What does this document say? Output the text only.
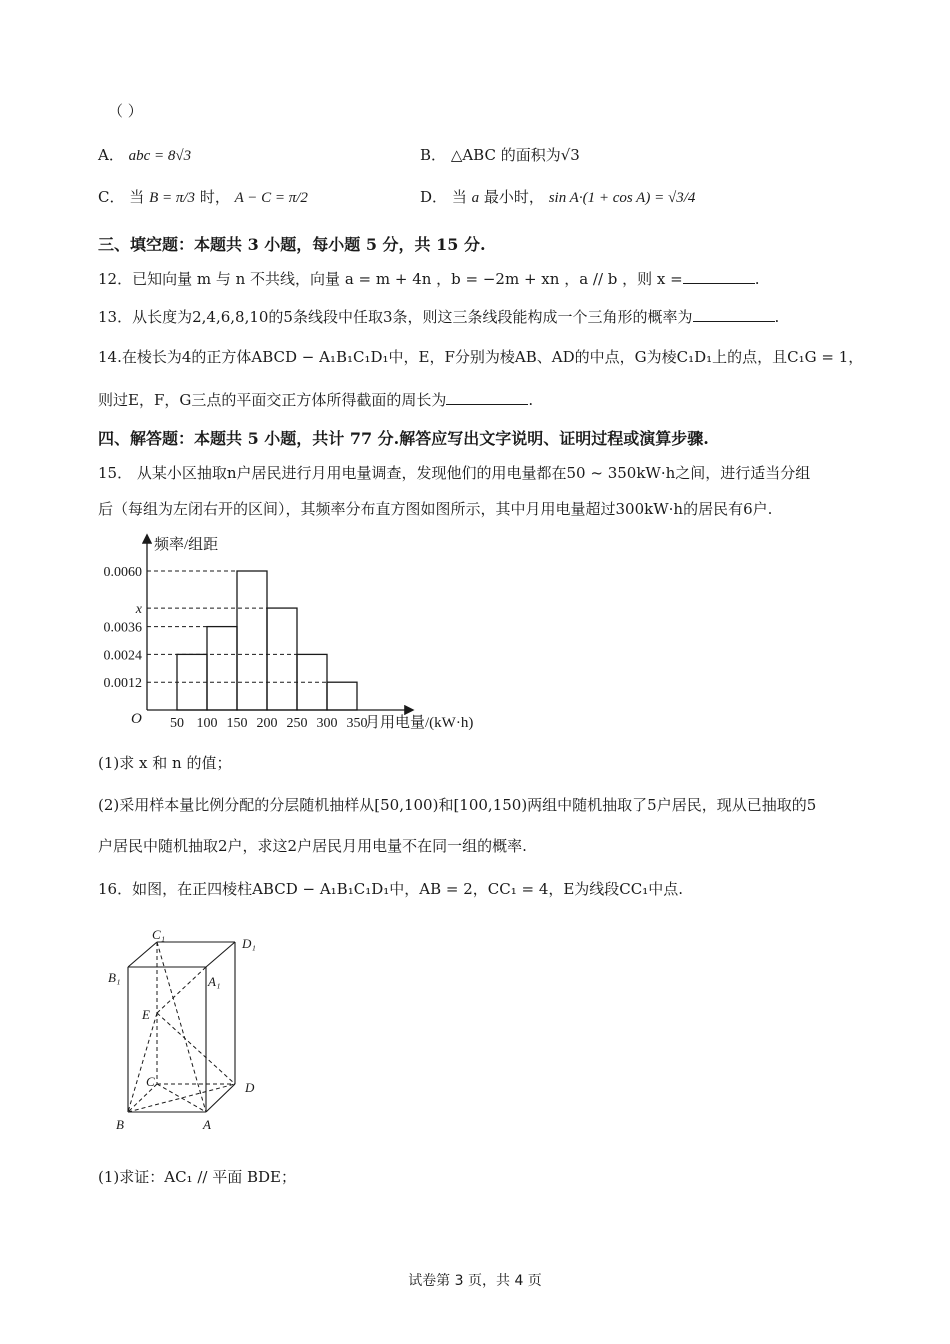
（ ）
A． abc = 8√3	B． △ABC 的面积为√3
C． 当 B = π/3 时， A − C = π/2	D． 当 a 最小时， sin A·(1 + cos A) = √3/4
三、填空题：本题共 3 小题，每小题 5 分，共 15 分.
12．已知向量 m 与 n 不共线，向量 a = m + 4n ，b = −2m + xn ，a // b ，则 x =	.
13．从长度为2,4,6,8,10的5条线段中任取3条，则这三条线段能构成一个三角形的概率为	.
14.在棱长为4的正方体ABCD − A₁B₁C₁D₁中，E，F分别为棱AB、AD的中点，G为棱C₁D₁上的点，且C₁G = 1，
则过E，F，G三点的平面交正方体所得截面的周长为	.
四、解答题：本题共 5 小题，共计 77 分.解答应写出文字说明、证明过程或演算步骤.
15． 从某小区抽取n户居民进行月用电量调查，发现他们的用电量都在50 ~ 350kW·h之间，进行适当分组
后（每组为左闭右开的区间），其频率分布直方图如图所示，其中月用电量超过300kW·h的居民有6户.
频率/组距
月用电量/(kW·h)
O
0.0012
0.0024
0.0036
x
0.0060
50 100 150 200 250 300 350
(1)求 x 和 n 的值；
(2)采用样本量比例分配的分层随机抽样从[50,100)和[100,150)两组中随机抽取了5户居民，现从已抽取的5
户居民中随机抽取2户，求这2户居民月用电量不在同一组的概率.
16．如图，在正四棱柱ABCD − A₁B₁C₁D₁中，AB = 2，CC₁ = 4，E为线段CC₁中点.
C₁
D₁
B₁	A₁
E
C	D
B	A
(1)求证：AC₁ // 平面 BDE；
试卷第 3 页，共 4 页
